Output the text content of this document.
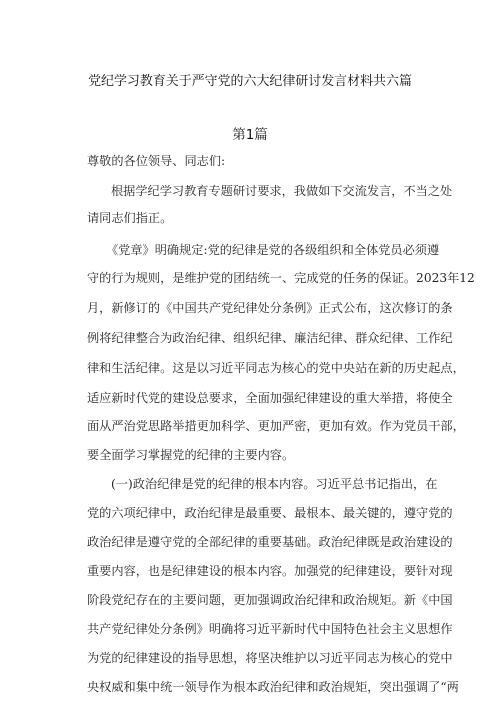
党纪学习教育关于严守党的六大纪律研讨发言材料共六篇
第1篇
尊敬的各位领导、同志们:
根据学纪学习教育专题研讨要求，我做如下交流发言，不当之处
请同志们指正。
《党章》明确规定:党的纪律是党的各级组织和全体党员必须遵
守的行为规则，是维护党的团结统一、完成党的任务的保证。2023年12
月，新修订的《中国共产党纪律处分条例》正式公布，这次修订的条
例将纪律整合为政治纪律、组织纪律、廉洁纪律、群众纪律、工作纪
律和生活纪律。这是以习近平同志为核心的党中央站在新的历史起点，
适应新时代党的建设总要求，全面加强纪律建设的重大举措，将使全
面从严治党思路举措更加科学、更加严密，更加有效。作为党员干部，
要全面学习掌握党的纪律的主要内容。
(一)政治纪律是党的纪律的根本内容。习近平总书记指出，在
党的六项纪律中，政治纪律是最重要、最根本、最关键的，遵守党的
政治纪律是遵守党的全部纪律的重要基础。政治纪律既是政治建设的
重要内容，也是纪律建设的根本内容。加强党的纪律建设，要针对现
阶段党纪存在的主要问题，更加强调政治纪律和政治规矩。新《中国
共产党纪律处分条例》明确将习近平新时代中国特色社会主义思想作
为党的纪律建设的指导思想，将坚决维护以习近平同志为核心的党中
央权威和集中统一领导作为根本政治纪律和政治规矩，突出强调了“两
